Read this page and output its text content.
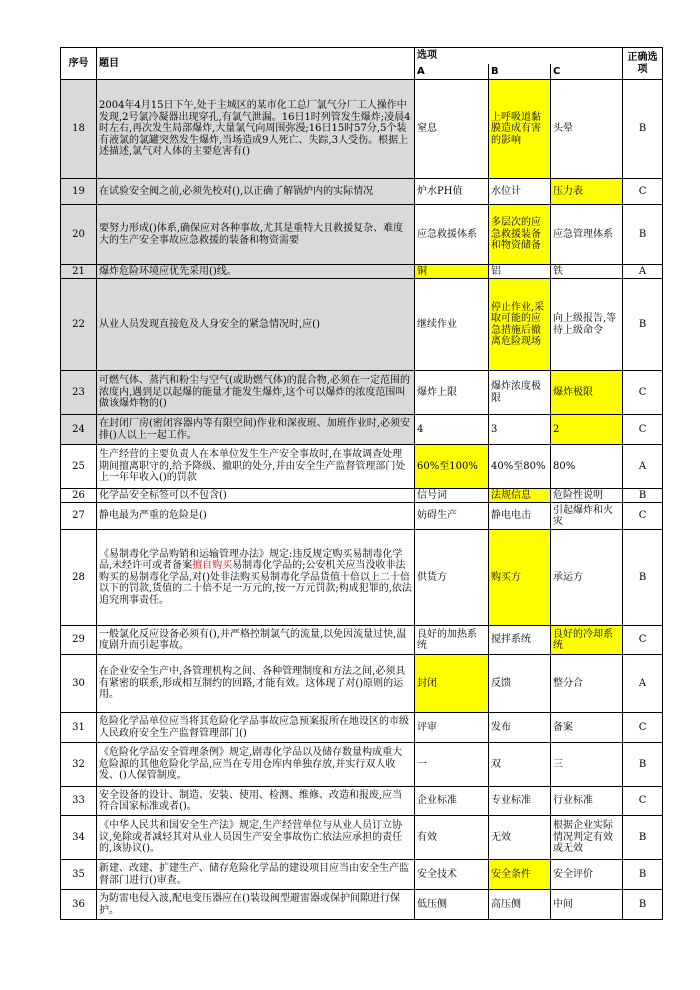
序号	题目	选项			正确选项
		A	B	C	
18	2004年4月15日下午,处于主城区的某市化工总厂氯气分厂工人操作中发现,2号氯冷凝器出现穿孔,有氯气泄漏。16日1时列管发生爆炸;凌晨4时左右,再次发生局部爆炸,大量氯气向周围弥漫;16日15时57分,5个装有液氯的氯罐突然发生爆炸,当场造成9人死亡、失踪,3人受伤。根据上述描述,氯气对人体的主要危害有()	窒息	上呼吸道黏膜造成有害的影响	头晕	B
19	在试验安全阀之前,必须先校对(),以正确了解锅炉内的实际情况	炉水PH值	水位计	压力表	C
20	要努力形成()体系,确保应对各种事故,尤其是重特大且救援复杂、难度大的生产安全事故应急救援的装备和物资需要	应急救援体系	多层次的应急救援装备和物资储备	应急管理体系	B
21	爆炸危险环境应优先采用()线。	铜	铝	铁	A
22	从业人员发现直接危及人身安全的紧急情况时,应()	继续作业	停止作业,采取可能的应急措施后撤离危险现场	向上级报告,等待上级命令	B
23	可燃气体、蒸汽和粉尘与空气(或助燃气体)的混合物,必须在一定范围的浓度内,遇到足以起爆的能量才能发生爆炸,这个可以爆炸的浓度范围叫做该爆炸物的()	爆炸上限	爆炸浓度极限	爆炸极限	C
24	在封闭厂房(密闭容器内等有限空间)作业和深夜班、加班作业时,必须安排()人以上一起工作。	4	3	2	C
25	生产经营的主要负责人在本单位发生生产安全事故时,在事故调查处理期间擅离职守的,给予降级、撤职的处分,并由安全生产监督管理部门处上一年年收入()的罚款	60%至100%	40%至80%	80%	A
26	化学品安全标签可以不包含()	信号词	法规信息	危险性说明	B
27	静电最为严重的危险是()	妨碍生产	静电电击	引起爆炸和火灾	C
28	《易制毒化学品购销和运输管理办法》规定:违反规定购买易制毒化学品,未经许可或者备案擅自购买易制毒化学品的;公安机关应当没收非法购买的易制毒化学品,对()处非法购买易制毒化学品货值十倍以上二十倍以下的罚款,货值的二十倍不足一万元的,按一万元罚款;构成犯罪的,依法追究刑事责任。	供货方	购买方	承运方	B
29	一般氯化反应设备必须有(),并严格控制氯气的流量,以免因流量过快,温度剧升而引起事故。	良好的加热系统	搅拌系统	良好的冷却系统	C
30	在企业安全生产中,各管理机构之间、各种管理制度和方法之间,必须具有紧密的联系,形成相互制约的回路,才能有效。这体现了对()原则的运用。	封闭	反馈	整分合	A
31	危险化学品单位应当将其危险化学品事故应急预案报所在地设区的市级人民政府安全生产监督管理部门()	评审	发布	备案	C
32	《危险化学品安全管理条例》规定,剧毒化学品以及储存数量构成重大危险源的其他危险化学品,应当在专用仓库内单独存放,并实行双人收发、()人保管制度。	一	双	三	B
33	安全设备的设计、制造、安装、使用、检测、维修、改造和报废,应当符合国家标准或者()。	企业标准	专业标准	行业标准	C
34	《中华人民共和国安全生产法》规定,生产经营单位与从业人员订立协议,免除或者减轻其对从业人员因生产安全事故伤亡依法应承担的责任的,该协议()。	有效	无效	根据企业实际情况判定有效或无效	B
35	新建、改建、扩建生产、储存危险化学品的建设项目应当由安全生产监督部门进行()审查。	安全技术	安全条件	安全评价	B
36	为防雷电侵入波,配电变压器应在()装设阀型避雷器或保护间隙进行保护。	低压侧	高压侧	中间	B
